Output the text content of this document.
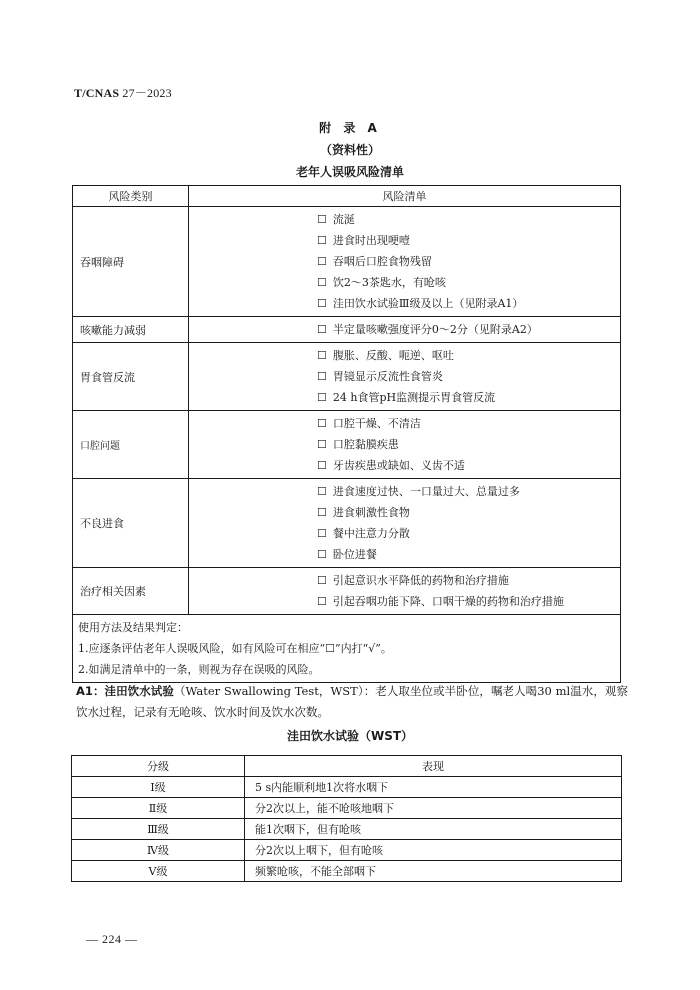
T/CNAS 27－2023
附 录 A
（资料性）
老年人误吸风险清单
风险类别	风险清单
吞咽障碍	☐ 流涎
☐ 进食时出现哽噎
☐ 吞咽后口腔食物残留
☐ 饮2～3茶匙水，有呛咳
☐ 洼田饮水试验Ⅲ级及以上（见附录A1）

咳嗽能力减弱	☐ 半定量咳嗽强度评分0～2分（见附录A2）

胃食管反流	☐ 腹胀、反酸、呃逆、呕吐
☐ 胃镜显示反流性食管炎
☐ 24 h食管pH监测提示胃食管反流

口腔问题	☐ 口腔干燥、不清洁
☐ 口腔黏膜疾患
☐ 牙齿疾患或缺如、义齿不适

不良进食	☐ 进食速度过快、一口量过大、总量过多
☐ 进食刺激性食物
☐ 餐中注意力分散
☐ 卧位进餐

治疗相关因素	☐ 引起意识水平降低的药物和治疗措施
☐ 引起吞咽功能下降、口咽干燥的药物和治疗措施

使用方法及结果判定：
1.应逐条评估老年人误吸风险，如有风险可在相应“☐”内打“√”。
2.如满足清单中的一条，则视为存在误吸的风险。	
A1：洼田饮水试验（Water Swallowing Test，WST）：老人取坐位或半卧位，嘱老人喝30 ml温水，观察饮水过程，记录有无呛咳、饮水时间及饮水次数。
洼田饮水试验（WST）
分级	表现
Ⅰ级	5 s内能顺利地1次将水咽下
Ⅱ级	分2次以上，能不呛咳地咽下
Ⅲ级	能1次咽下，但有呛咳
Ⅳ级	分2次以上咽下，但有呛咳
Ⅴ级	频繁呛咳，不能全部咽下
— 224 —
